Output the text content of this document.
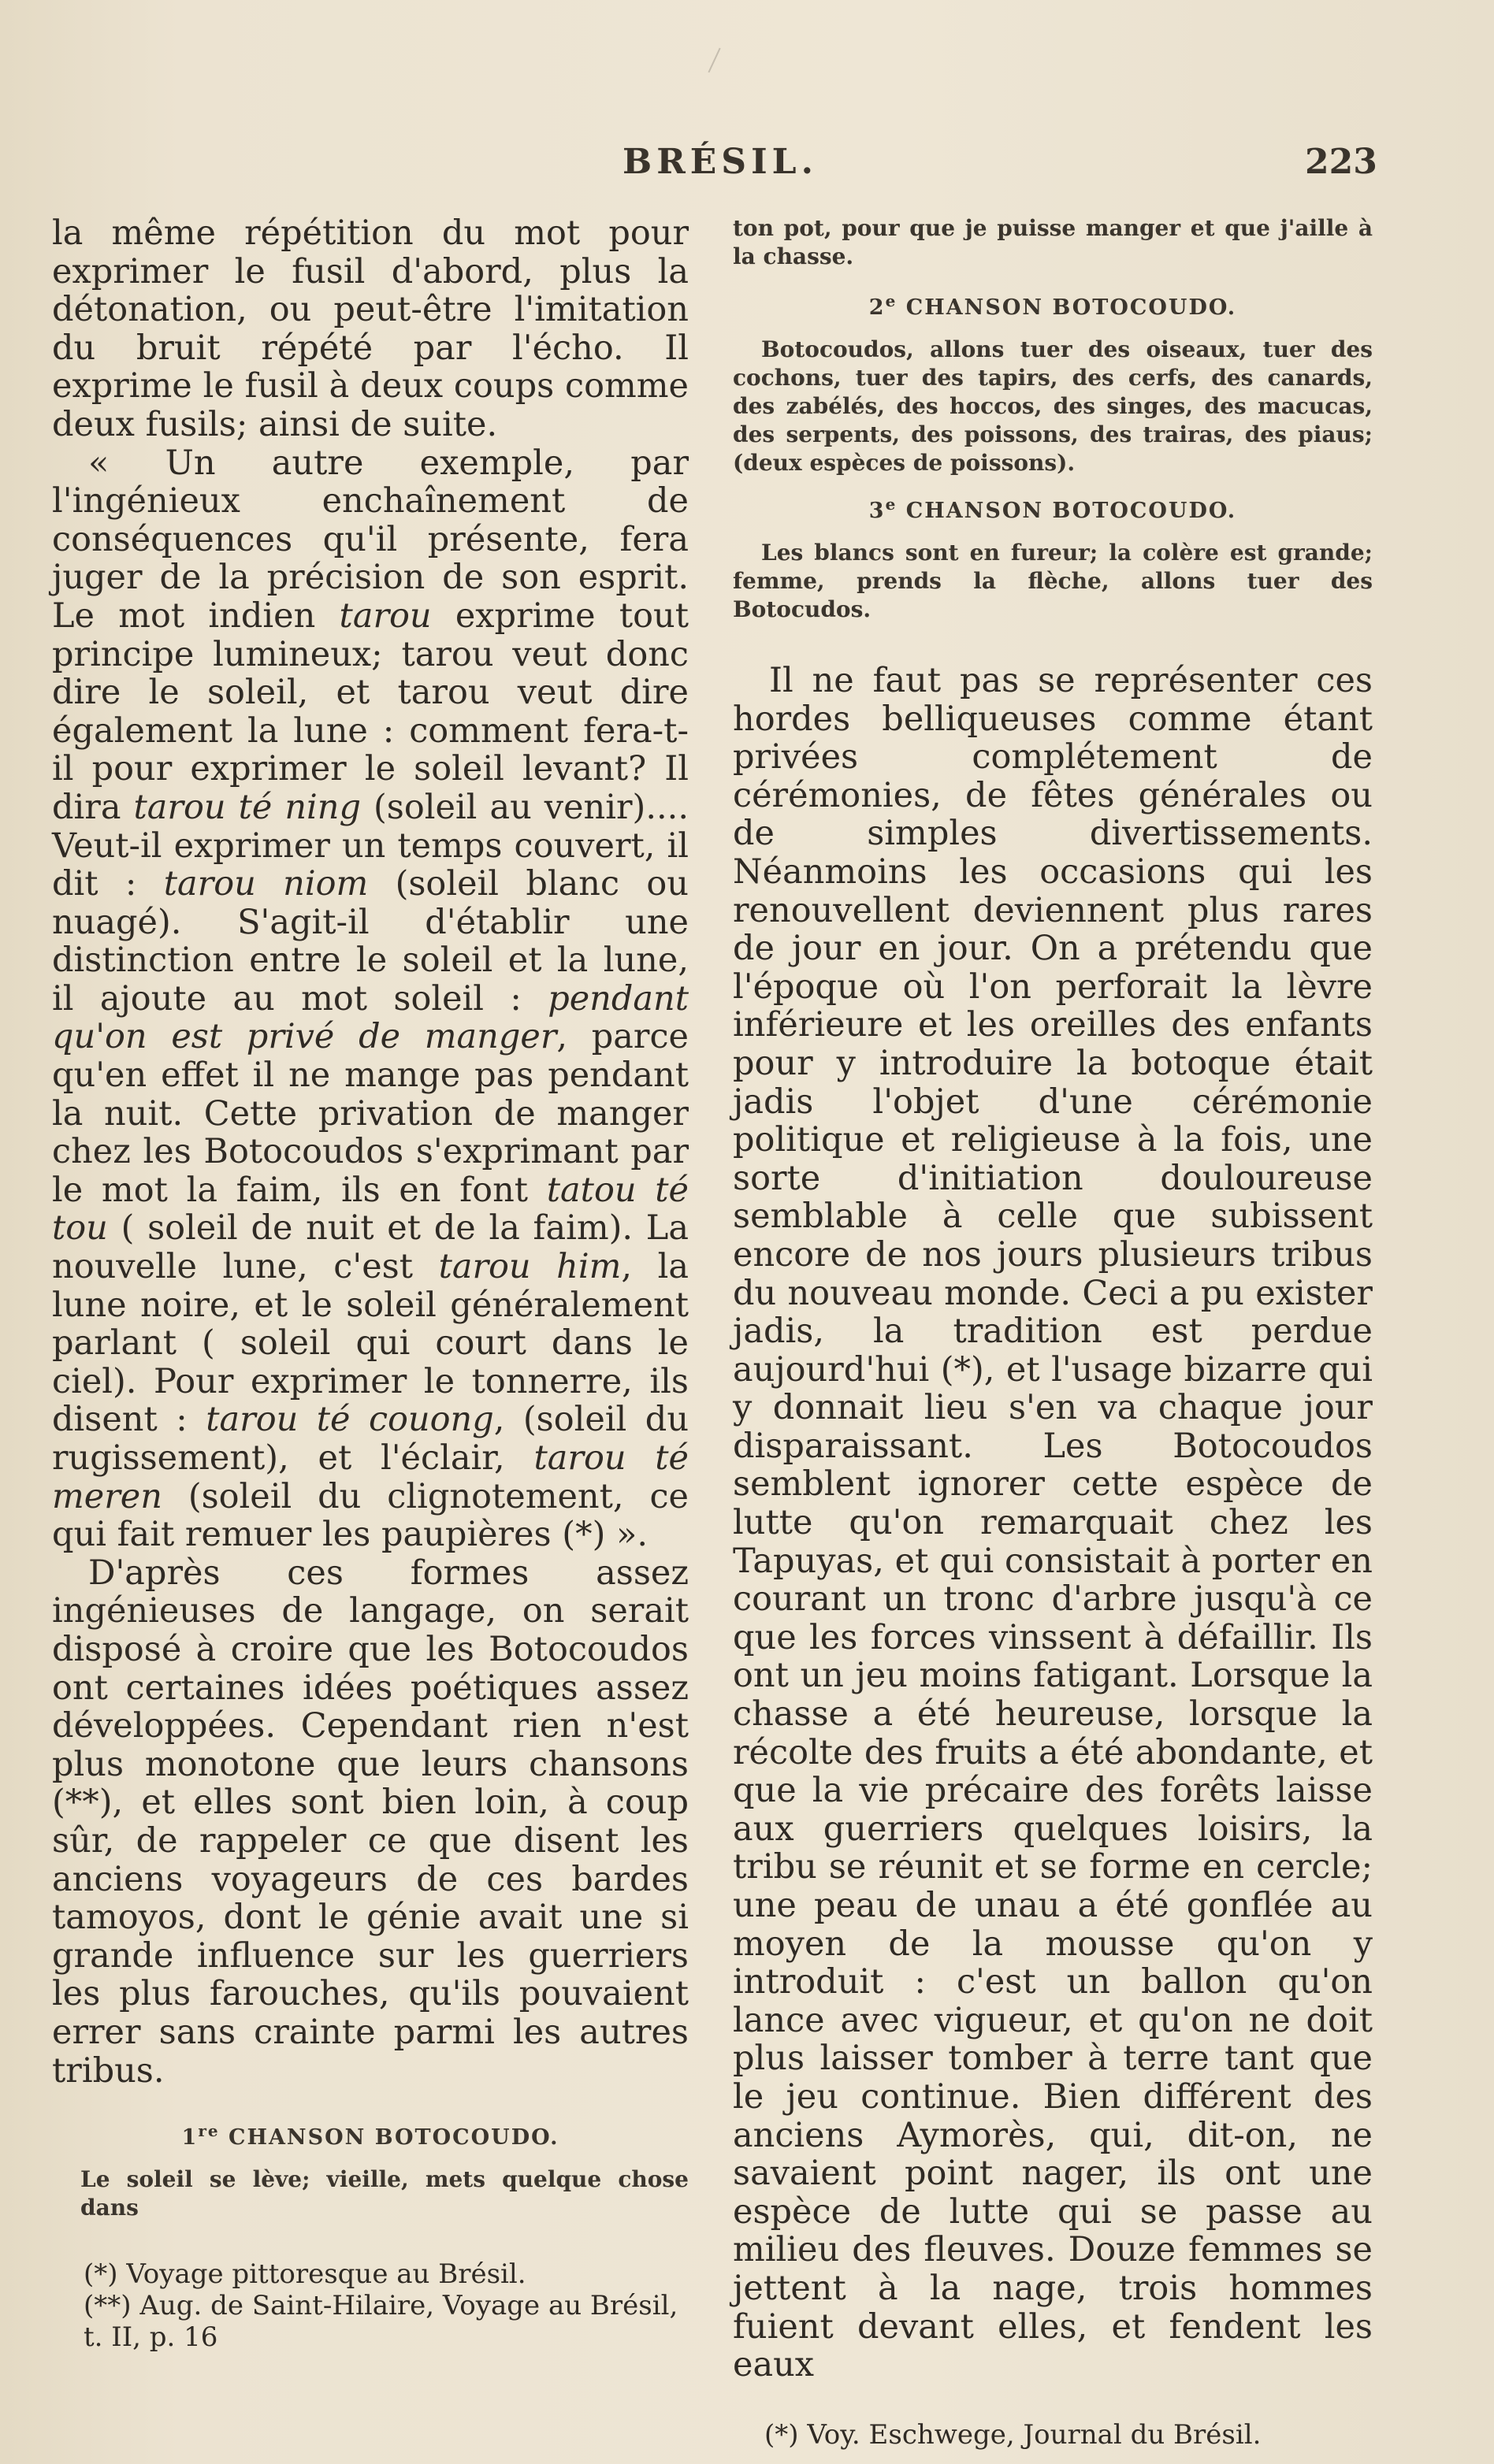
BRÉSIL.	223

la même répétition du mot pour exprimer le fusil d'abord, plus la détonation, ou peut-être l'imitation du bruit répété par l'écho. Il exprime le fusil à deux coups comme deux fusils; ainsi de suite.

« Un autre exemple, par l'ingénieux enchaînement de conséquences qu'il présente, fera juger de la précision de son esprit. Le mot indien tarou exprime tout principe lumineux; tarou veut donc dire le soleil, et tarou veut dire également la lune : comment fera-t-il pour exprimer le soleil levant? Il dira tarou té ning (soleil au venir).... Veut-il exprimer un temps couvert, il dit : tarou niom (soleil blanc ou nuagé). S'agit-il d'établir une distinction entre le soleil et la lune, il ajoute au mot soleil : pendant qu'on est privé de manger, parce qu'en effet il ne mange pas pendant la nuit. Cette privation de manger chez les Botocoudos s'exprimant par le mot la faim, ils en font tatou té tou ( soleil de nuit et de la faim). La nouvelle lune, c'est tarou him, la lune noire, et le soleil généralement parlant ( soleil qui court dans le ciel). Pour exprimer le tonnerre, ils disent : tarou té couong, (soleil du rugissement), et l'éclair, tarou té meren (soleil du clignotement, ce qui fait remuer les paupières (*) ».

D'après ces formes assez ingénieuses de langage, on serait disposé à croire que les Botocoudos ont certaines idées poétiques assez développées. Cependant rien n'est plus monotone que leurs chansons (**), et elles sont bien loin, à coup sûr, de rappeler ce que disent les anciens voyageurs de ces bardes tamoyos, dont le génie avait une si grande influence sur les guerriers les plus farouches, qu'ils pouvaient errer sans crainte parmi les autres tribus.

1re CHANSON BOTOCOUDO.

Le soleil se lève; vieille, mets quelque chose dans

(*) Voyage pittoresque au Brésil.

(**) Aug. de Saint-Hilaire, Voyage au Brésil, t. II, p. 16

ton pot, pour que je puisse manger et que j'aille à la chasse.

2e CHANSON BOTOCOUDO.

Botocoudos, allons tuer des oiseaux, tuer des cochons, tuer des tapirs, des cerfs, des canards, des zabélés, des hoccos, des singes, des macucas, des serpents, des poissons, des trairas, des piaus; (deux espèces de poissons).

3e CHANSON BOTOCOUDO.

Les blancs sont en fureur; la colère est grande; femme, prends la flèche, allons tuer des Botocudos.

Il ne faut pas se représenter ces hordes belliqueuses comme étant privées complétement de cérémonies, de fêtes générales ou de simples divertissements. Néanmoins les occasions qui les renouvellent deviennent plus rares de jour en jour. On a prétendu que l'époque où l'on perforait la lèvre inférieure et les oreilles des enfants pour y introduire la botoque était jadis l'objet d'une cérémonie politique et religieuse à la fois, une sorte d'initiation douloureuse semblable à celle que subissent encore de nos jours plusieurs tribus du nouveau monde. Ceci a pu exister jadis, la tradition est perdue aujourd'hui (*), et l'usage bizarre qui y donnait lieu s'en va chaque jour disparaissant. Les Botocoudos semblent ignorer cette espèce de lutte qu'on remarquait chez les Tapuyas, et qui consistait à porter en courant un tronc d'arbre jusqu'à ce que les forces vinssent à défaillir. Ils ont un jeu moins fatigant. Lorsque la chasse a été heureuse, lorsque la récolte des fruits a été abondante, et que la vie précaire des forêts laisse aux guerriers quelques loisirs, la tribu se réunit et se forme en cercle; une peau de unau a été gonflée au moyen de la mousse qu'on y introduit : c'est un ballon qu'on lance avec vigueur, et qu'on ne doit plus laisser tomber à terre tant que le jeu continue. Bien différent des anciens Aymorès, qui, dit-on, ne savaient point nager, ils ont une espèce de lutte qui se passe au milieu des fleuves. Douze femmes se jettent à la nage, trois hommes fuient devant elles, et fendent les eaux

(*) Voy. Eschwege, Journal du Brésil.
